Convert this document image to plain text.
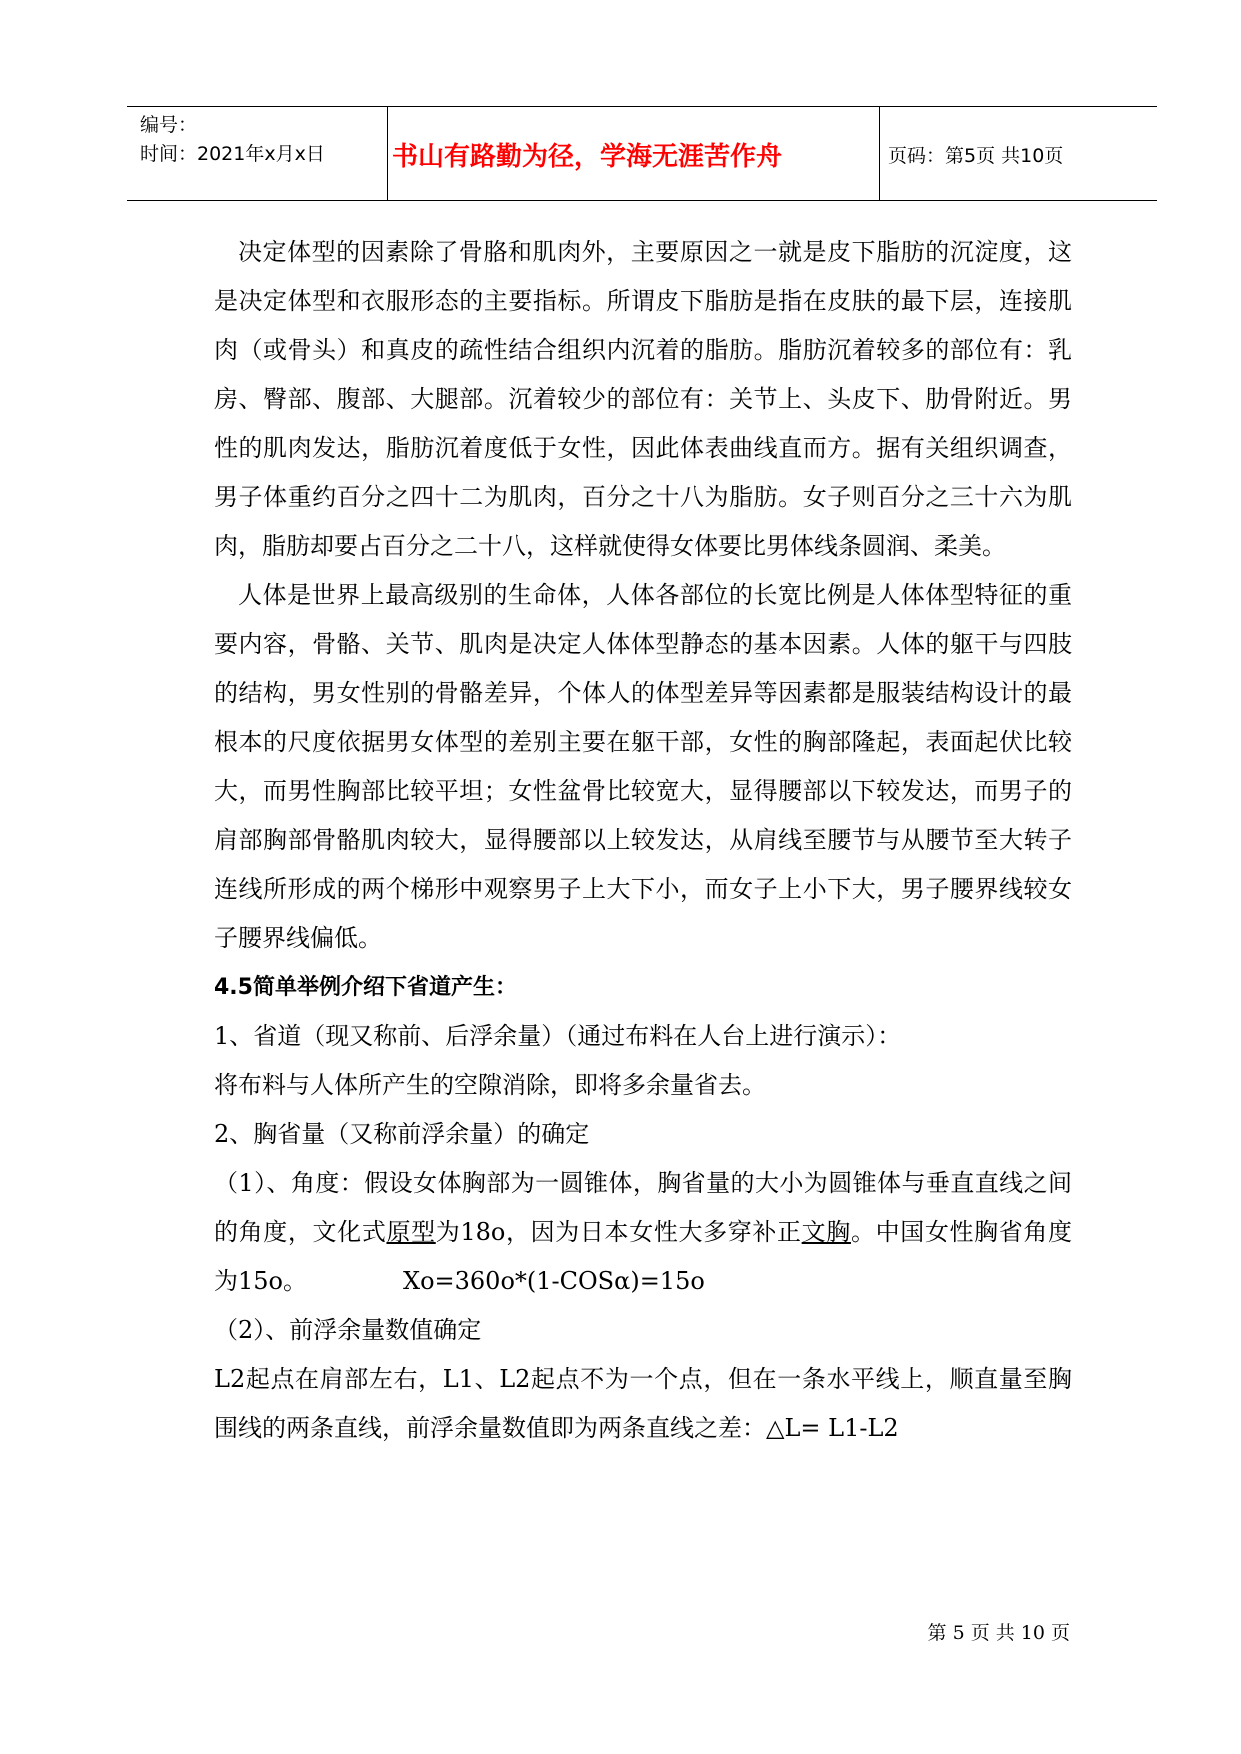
编号：
时间：2021年x月x日	书山有路勤为径，学海无涯苦作舟	页码：第5页 共10页

决定体型的因素除了骨胳和肌肉外，主要原因之一就是皮下脂肪的沉淀度，这是决定体型和衣服形态的主要指标。所谓皮下脂肪是指在皮肤的最下层，连接肌肉（或骨头）和真皮的疏性结合组织内沉着的脂肪。脂肪沉着较多的部位有：乳房、臀部、腹部、大腿部。沉着较少的部位有：关节上、头皮下、肋骨附近。男性的肌肉发达，脂肪沉着度低于女性，因此体表曲线直而方。据有关组织调查，男子体重约百分之四十二为肌肉，百分之十八为脂肪。女子则百分之三十六为肌肉，脂肪却要占百分之二十八，这样就使得女体要比男体线条圆润、柔美。

人体是世界上最高级别的生命体，人体各部位的长宽比例是人体体型特征的重要内容，骨骼、关节、肌肉是决定人体体型静态的基本因素。人体的躯干与四肢的结构，男女性别的骨骼差异，个体人的体型差异等因素都是服装结构设计的最根本的尺度依据男女体型的差别主要在躯干部，女性的胸部隆起，表面起伏比较大，而男性胸部比较平坦；女性盆骨比较宽大，显得腰部以下较发达，而男子的肩部胸部骨骼肌肉较大，显得腰部以上较发达，从肩线至腰节与从腰节至大转子连线所形成的两个梯形中观察男子上大下小，而女子上小下大，男子腰界线较女子腰界线偏低。

4.5简单举例介绍下省道产生：

1、省道（现又称前、后浮余量）（通过布料在人台上进行演示）：

将布料与人体所产生的空隙消除，即将多余量省去。

2、胸省量（又称前浮余量）的确定

（1）、角度：假设女体胸部为一圆锥体，胸省量的大小为圆锥体与垂直直线之间的角度，文化式原型为18o，因为日本女性大多穿补正文胸。中国女性胸省角度为15o。	Xo=360o*(1-COSα)=15o

（2）、前浮余量数值确定

L2起点在肩部左右，L1、L2起点不为一个点，但在一条水平线上，顺直量至胸围线的两条直线，前浮余量数值即为两条直线之差：△L= L1-L2

第 5 页 共 10 页
